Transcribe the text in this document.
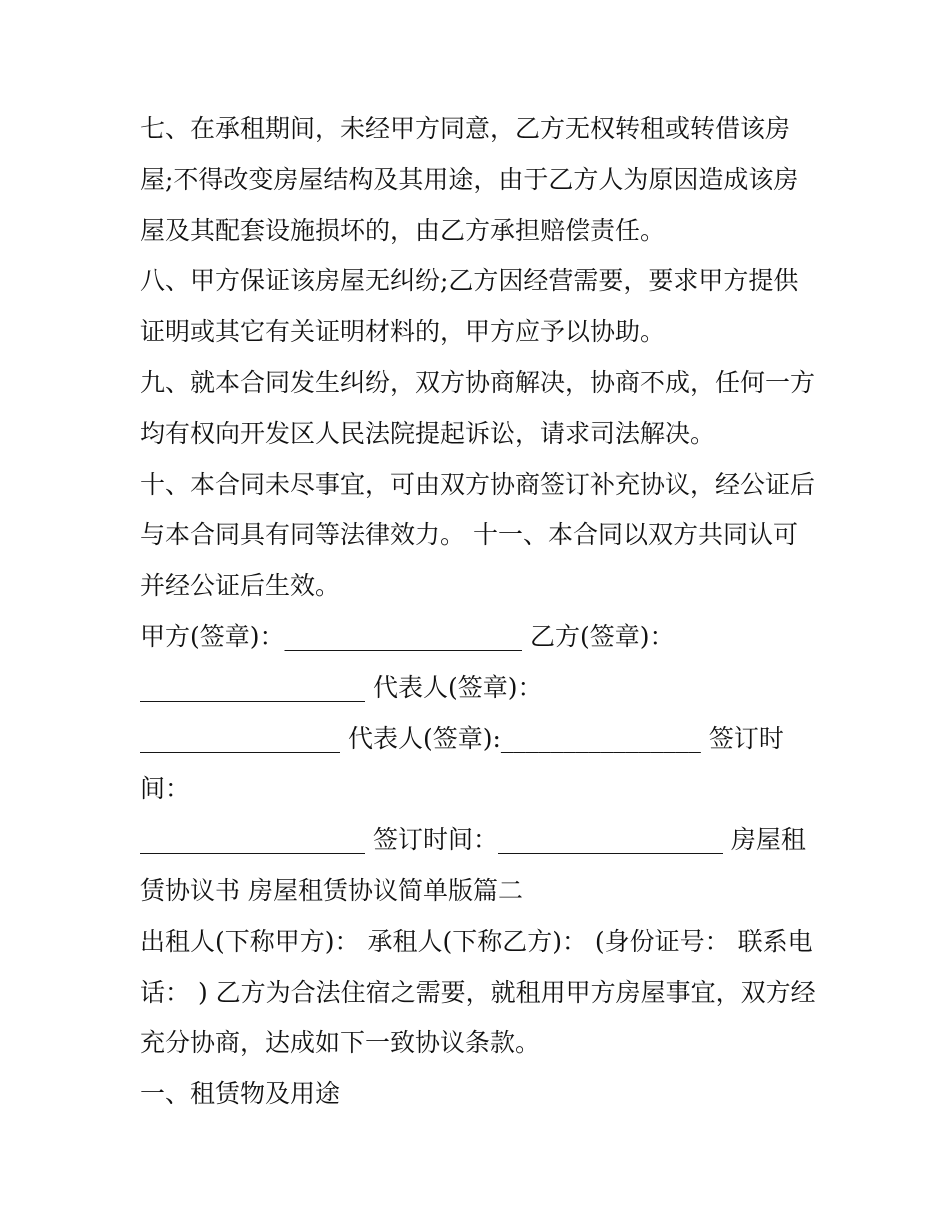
七、在承租期间，未经甲方同意，乙方无权转租或转借该房
屋;不得改变房屋结构及其用途，由于乙方人为原因造成该房
屋及其配套设施损坏的，由乙方承担赔偿责任。
八、甲方保证该房屋无纠纷;乙方因经营需要，要求甲方提供
证明或其它有关证明材料的，甲方应予以协助。
九、就本合同发生纠纷，双方协商解决，协商不成，任何一方
均有权向开发区人民法院提起诉讼，请求司法解决。
十、本合同未尽事宜，可由双方协商签订补充协议，经公证后
与本合同具有同等法律效力。 十一、本合同以双方共同认可
并经公证后生效。
甲方(签章)：___________________ 乙方(签章)：
__________________ 代表人(签章)：
________________ 代表人(签章):________________ 签订时
间：
__________________ 签订时间：__________________ 房屋租
赁协议书 房屋租赁协议简单版篇二
出租人(下称甲方)： 承租人(下称乙方)： (身份证号： 联系电
话： ) 乙方为合法住宿之需要，就租用甲方房屋事宜，双方经
充分协商，达成如下一致协议条款。
一、租赁物及用途
